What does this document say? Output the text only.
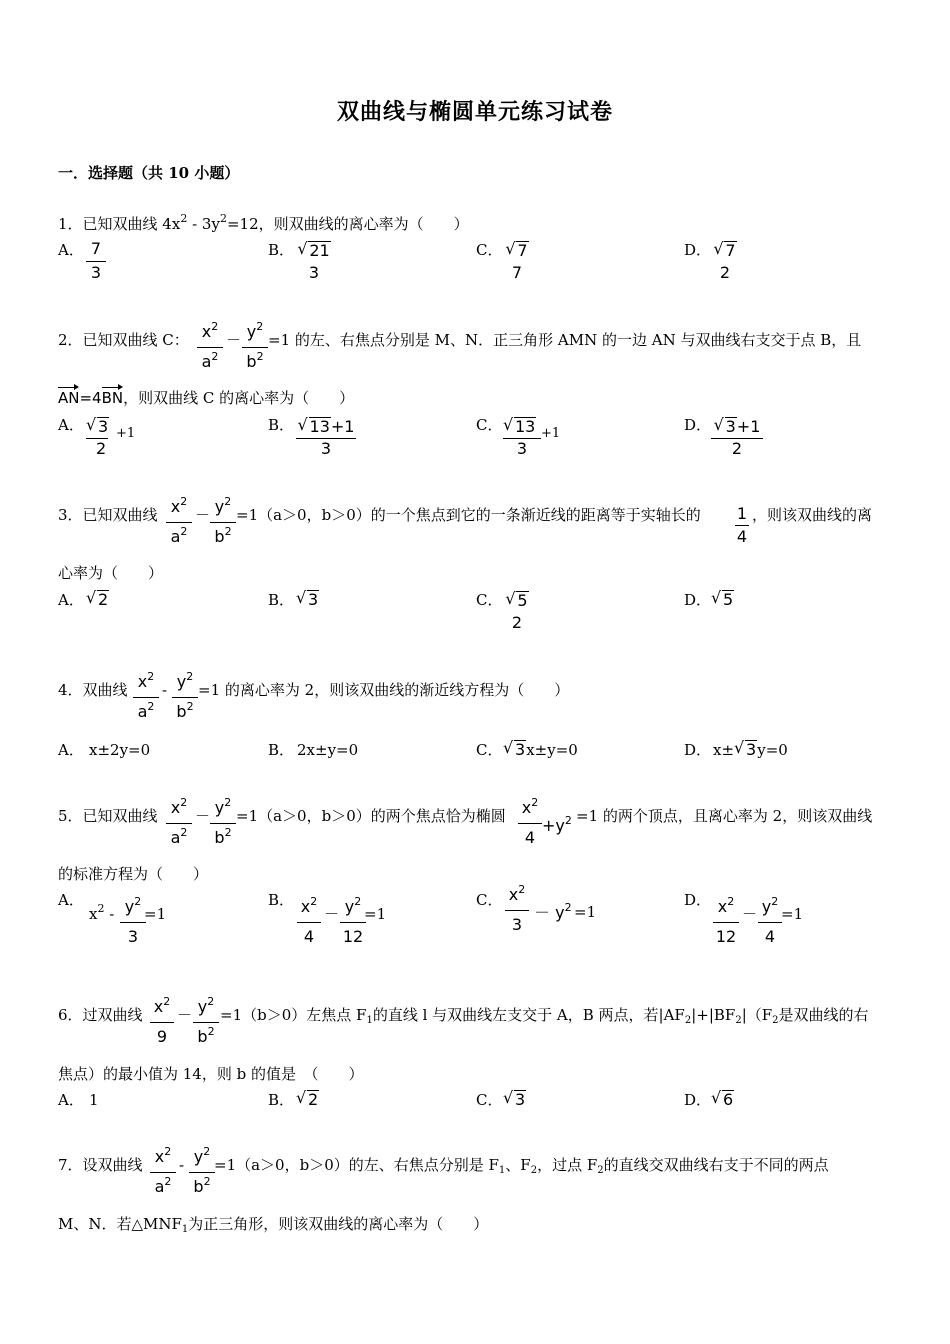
双曲线与椭圆单元练习试卷
一．选择题（共 10 小题）
1．已知双曲线 $4x^2 - 3y^2=12$，则双曲线的离心率为（　　）
A． 7
3
B． √ 21
3
C． √ 7
7
D． √ 7
2
2．已知双曲线 C： $x^2$
$a^2$
－ $y^2$
$b^2$
=1 的左、右焦点分别是 M、N．正三角形 AMN 的一边 AN 与双曲线右支交于点 B，且
AN=4BN，则双曲线 C 的离心率为（　　）
A． √ 3
2
+1	B． √ 13+1
3
C． √ 13
3
+1	D． √ 3+1
2
3．已知双曲线 $x^2$
$a^2$
－ $y^2$
$b^2$
=1（a＞0，b＞0）的一个焦点到它的一条渐近线的距离等于实轴长的 1
4
，则该双曲线的离
心率为（　　）
A． √ 2	B． √ 3	C． √ 5
2
D． √ 5
4．双曲线 $x^2$
$a^2$
- $y^2$
$b^2$
=1 的离心率为 2，则该双曲线的渐近线方程为（　　）
A． x±2y=0	B． 2x±y=0	C． √ 3x±y=0	D． x± √ 3y=0
5．已知双曲线 $x^2$
$a^2$
－ $y^2$
$b^2$
=1（a＞0，b＞0）的两个焦点恰为椭圆 $x^2$
4
$+y^2 =1$ 的两个顶点，且离心率为 2，则该双曲线
的标准方程为（　　）
A．
$x^2 - y^2$
3
=1
B． $x^2$
4
－ $y^2$
12
=1
C． $x^2$
3
－ $y^2 =1$
D． $x^2$
12
－ $y^2$
4
=1
6．过双曲线 $x^2$
9
－ $y^2$
$b^2$
=1（b＞0）左焦点 $F_1$的直线 l 与双曲线左支交于 A，B 两点，若$|AF_2|+|BF_2|(F_2$是双曲线的右
焦点）的最小值为 14，则 b 的值是　（　　）
A． 1	B． √ 2	C． √ 3	D． √ 6
7．设双曲线 $x^2$
$a^2$
- $y^2$
$b^2$
=1（a＞0，b＞0）的左、右焦点分别是 $F_1$、$F_2$，过点 $F_2$的直线交双曲线右支于不同的两点
M、N．若$\triangle MNF_1$为正三角形，则该双曲线的离心率为（　　）
